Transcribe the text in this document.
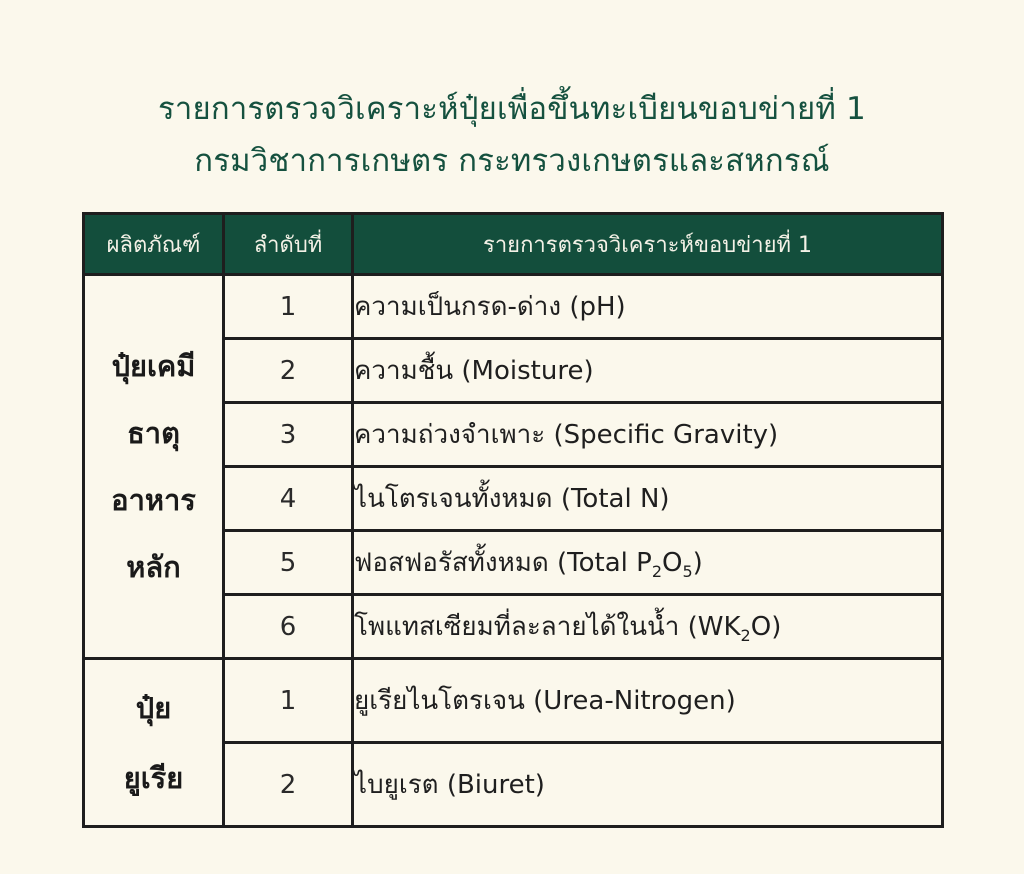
รายการตรวจวิเคราะห์ปุ๋ยเพื่อขึ้นทะเบียนขอบข่ายที่ 1
กรมวิชาการเกษตร กระทรวงเกษตรและสหกรณ์
ผลิตภัณฑ์	ลำดับที่	รายการตรวจวิเคราะห์ขอบข่ายที่ 1

ปุ๋ยเคมี
ธาตุ
อาหาร
หลัก	1	ความเป็นกรด-ด่าง (pH)
	2	ความชื้น (Moisture)
	3	ความถ่วงจำเพาะ (Specific Gravity)
	4	ไนโตรเจนทั้งหมด (Total N)
	5	ฟอสฟอรัสทั้งหมด (Total $P_2O_5$)
	6	โพแทสเซียมที่ละลายได้ในน้ำ $(WK_2O)$

ปุ๋ย
ยูเรีย	1	ยูเรียไนโตรเจน (Urea-Nitrogen)
	2	ไบยูเรต (Biuret)
